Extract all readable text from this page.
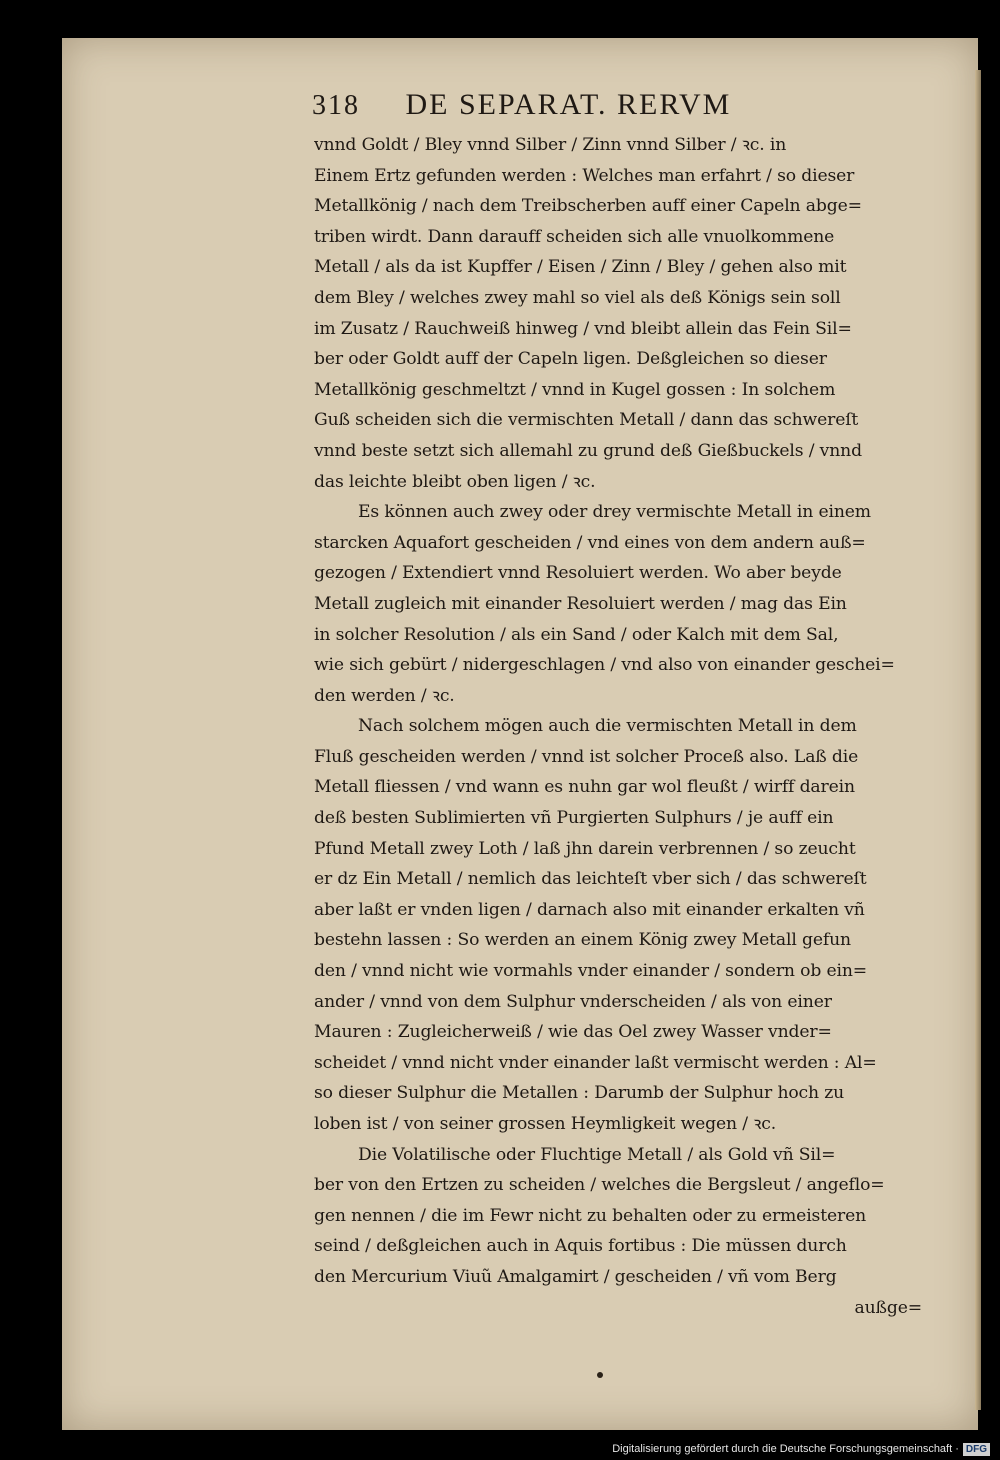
318 DE SEPARAT. RERVM
vnnd Goldt / Bley vnnd Silber / Zinn vnnd Silber / ꝛc. in
Einem Ertz gefunden werden : Welches man erfahrt / so dieser
Metallkönig / nach dem Treibscherben auff einer Capeln abge=
triben wirdt. Dann darauff scheiden sich alle vnuolkommene
Metall / als da ist Kupffer / Eisen / Zinn / Bley / gehen also mit
dem Bley / welches zwey mahl so viel als deß Königs sein soll
im Zusatz / Rauchweiß hinweg / vnd bleibt allein das Fein Sil=
ber oder Goldt auff der Capeln ligen. Deßgleichen so dieser
Metallkönig geschmeltzt / vnnd in Kugel gossen : In solchem
Guß scheiden sich die vermischten Metall / dann das schwereſt
vnnd beste setzt sich allemahl zu grund deß Gießbuckels / vnnd
das leichte bleibt oben ligen / ꝛc.
Es können auch zwey oder drey vermischte Metall in einem
starcken Aquafort gescheiden / vnd eines von dem andern auß=
gezogen / Extendiert vnnd Resoluiert werden. Wo aber beyde
Metall zugleich mit einander Resoluiert werden / mag das Ein
in solcher Resolution / als ein Sand / oder Kalch mit dem Sal,
wie sich gebürt / nidergeschlagen / vnd also von einander geschei=
den werden / ꝛc.
Nach solchem mögen auch die vermischten Metall in dem
Fluß gescheiden werden / vnnd ist solcher Proceß also. Laß die
Metall fliessen / vnd wann es nuhn gar wol fleußt / wirff darein
deß besten Sublimierten vñ Purgierten Sulphurs / je auff ein
Pfund Metall zwey Loth / laß jhn darein verbrennen / so zeucht
er dz Ein Metall / nemlich das leichteſt vber sich / das schwereſt
aber laßt er vnden ligen / darnach also mit einander erkalten vñ
bestehn lassen : So werden an einem König zwey Metall gefun
den / vnnd nicht wie vormahls vnder einander / sondern ob ein=
ander / vnnd von dem Sulphur vnderscheiden / als von einer
Mauren : Zugleicherweiß / wie das Oel zwey Wasser vnder=
scheidet / vnnd nicht vnder einander laßt vermischt werden : Al=
so dieser Sulphur die Metallen : Darumb der Sulphur hoch zu
loben ist / von seiner grossen Heymligkeit wegen / ꝛc.
Die Volatilische oder Fluchtige Metall / als Gold vñ Sil=
ber von den Ertzen zu scheiden / welches die Bergsleut / angeflo=
gen nennen / die im Fewr nicht zu behalten oder zu ermeisteren
seind / deßgleichen auch in Aquis fortibus : Die müssen durch
den Mercurium Viuũ Amalgamirt / gescheiden / vñ vom Berg
außge=
Digitalisierung gefördert durch die Deutsche Forschungsgemeinschaft · DFG
